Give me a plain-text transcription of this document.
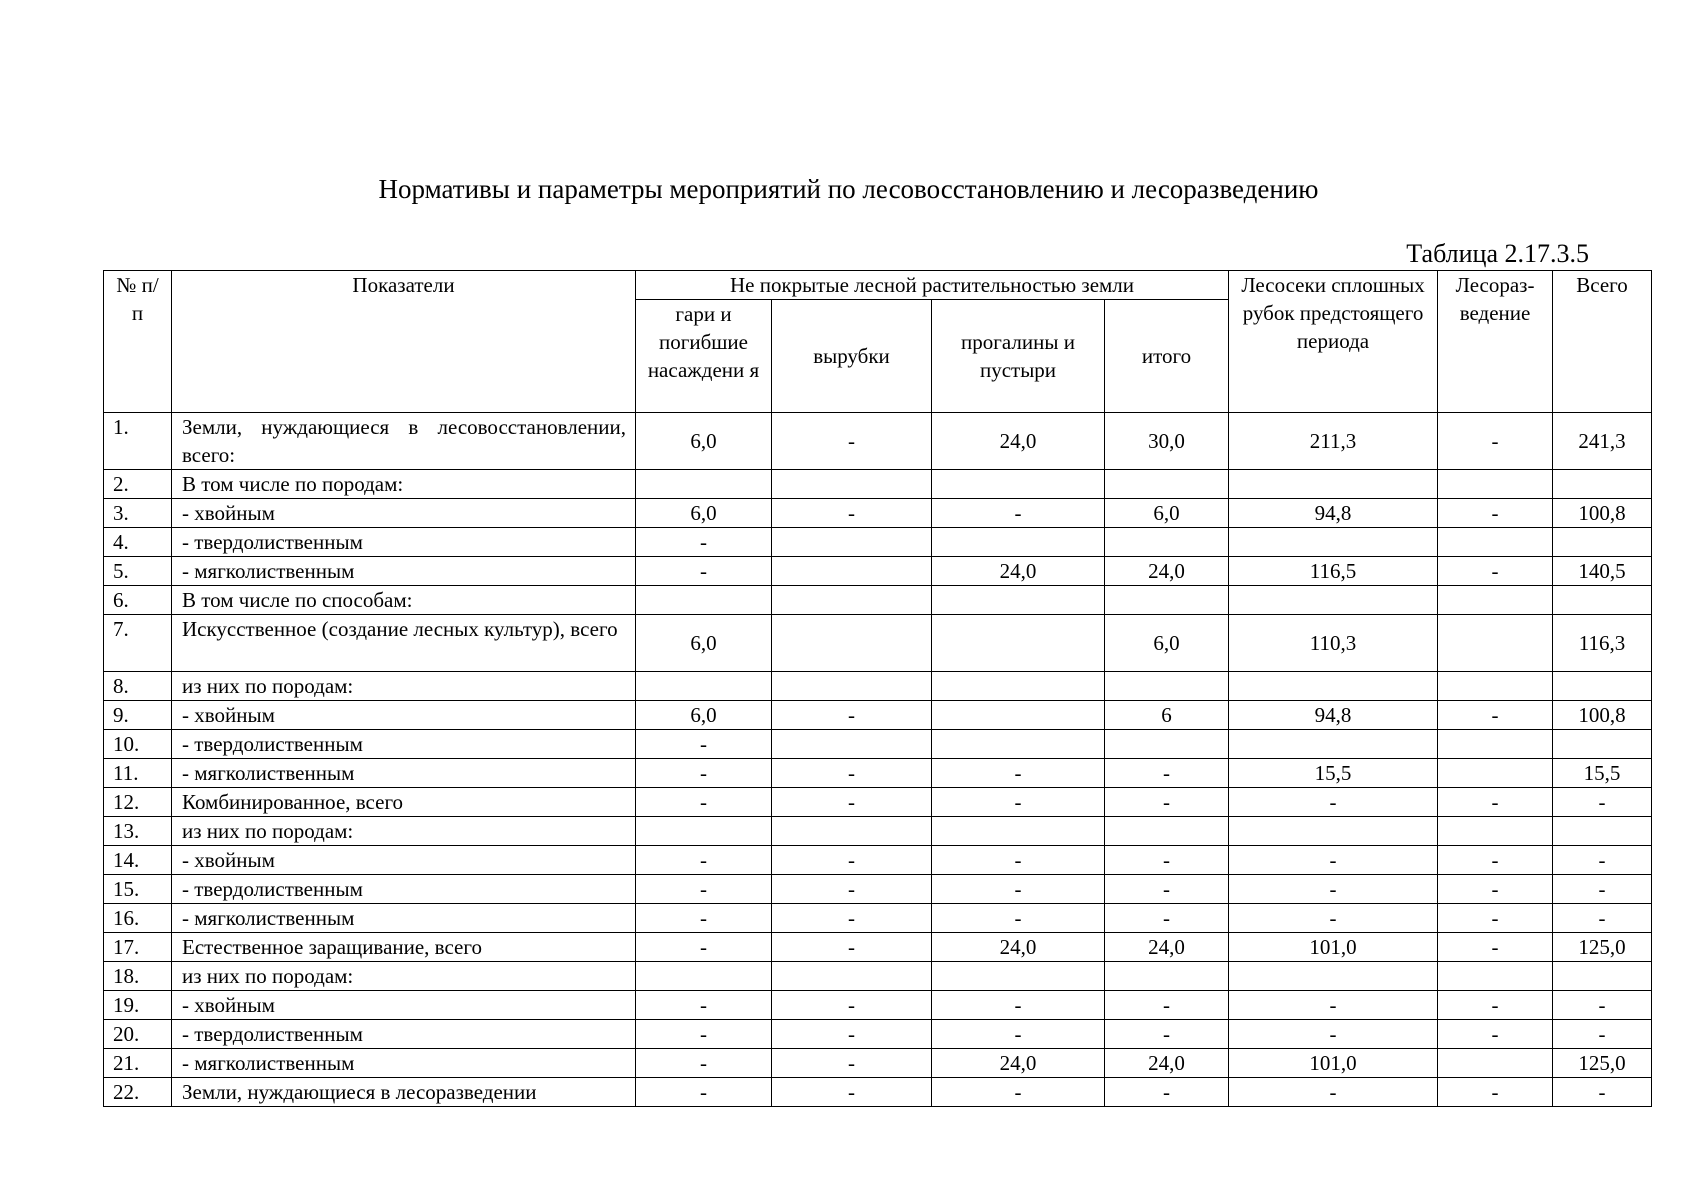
Нормативы и параметры мероприятий по лесовосстановлению и лесоразведению
Таблица 2.17.3.5
№ п/п	Показатели	Не покрытые лесной растительностью земли				Лесосеки сплошных рубок предстоящего периода	Лесораз-ведение	Всего
		гари и погибшие насаждени я	вырубки	прогалины и пустыри	итого			
1.	Земли, нуждающиеся в лесовосстановлении, всего:	6,0	-	24,0	30,0	211,3	-	241,3
2.	В том числе по породам:							
3.	- хвойным	6,0	-	-	6,0	94,8	-	100,8
4.	- твердолиственным	-						
5.	- мягколиственным	-		24,0	24,0	116,5	-	140,5
6.	В том числе по способам:							
7.	Искусственное (создание лесных культур), всего	6,0			6,0	110,3		116,3
8.	из них по породам:							
9.	- хвойным	6,0	-		6	94,8	-	100,8
10.	- твердолиственным	-						
11.	- мягколиственным	-	-	-	-	15,5		15,5
12.	Комбинированное, всего	-	-	-	-	-	-	-
13.	из них по породам:							
14.	- хвойным	-	-	-	-	-	-	-
15.	- твердолиственным	-	-	-	-	-	-	-
16.	- мягколиственным	-	-	-	-	-	-	-
17.	Естественное заращивание, всего	-	-	24,0	24,0	101,0	-	125,0
18.	из них по породам:							
19.	- хвойным	-	-	-	-	-	-	-
20.	- твердолиственным	-	-	-	-	-	-	-
21.	- мягколиственным	-	-	24,0	24,0	101,0		125,0
22.	Земли, нуждающиеся в лесоразведении	-	-	-	-	-	-	-
